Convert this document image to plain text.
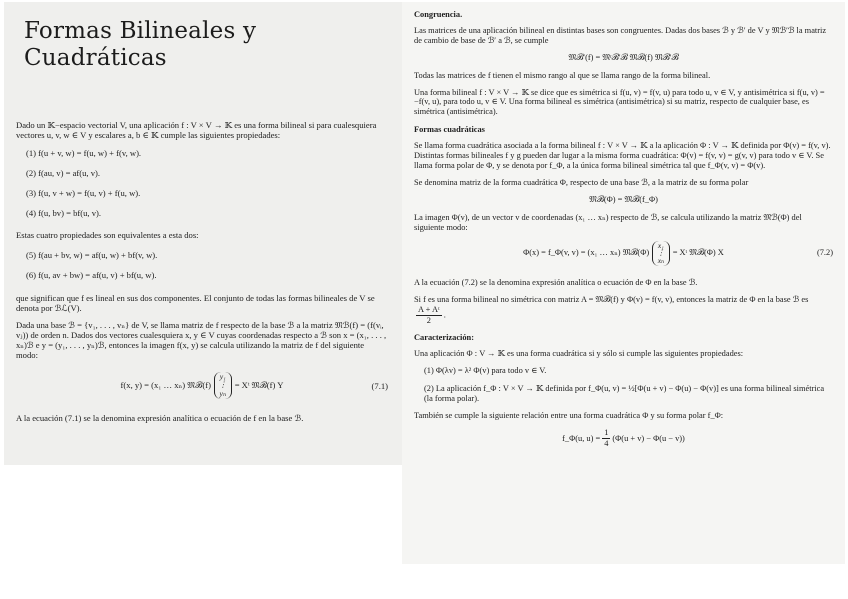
Formas Bilineales y Cuadráticas

Dado un 𝕂−espacio vectorial V, una aplicación f : V × V → 𝕂 es una forma bilineal si para cualesquiera vectores u, v, w ∈ V y escalares a, b ∈ 𝕂 cumple las siguientes propiedades:

(1) f(u + v, w) = f(u, w) + f(v, w).
(2) f(au, v) = af(u, v).
(3) f(u, v + w) = f(u, v) + f(u, w).
(4) f(u, bv) = bf(u, v).

Estas cuatro propiedades son equivalentes a esta dos:

(5) f(au + bv, w) = af(u, w) + bf(v, w).
(6) f(u, av + bw) = af(u, v) + bf(u, w).

que significan que f es lineal en sus dos componentes. El conjunto de todas las formas bilineales de V se denota por ℬℒ(V).

Dada una base ℬ = {v₁, . . . , vₙ} de V, se llama matriz de f respecto de la base ℬ a la matriz 𝔐ℬ(f) = (f(vᵢ, vⱼ)) de orden n. Dados dos vectores cualesquiera x, y ∈ V cuyas coordenadas respecto a ℬ son x = (x₁, . . . , xₙ)ℬ e y = (y₁, . . . , yₙ)ℬ, entonces la imagen f(x, y) se calcula utilizando la matriz de f del siguiente modo:

f(x, y) = (x₁ … xₙ) 𝔐ℬ(f)
y₁
⋮
yₙ
= Xᵗ 𝔐ℬ(f) Y	(7.1)

A la ecuación (7.1) se la denomina expresión analítica o ecuación de f en la base ℬ.

Congruencia.

Las matrices de una aplicación bilineal en distintas bases son congruentes. Dadas dos bases ℬ y ℬ′ de V y 𝔐ℬ′ℬ la matriz de cambio de base de ℬ′ a ℬ, se cumple

𝔐ℬ′(f) = 𝔐ᵗℬ′ℬ 𝔐ℬ(f) 𝔐ℬ′ℬ

Todas las matrices de f tienen el mismo rango al que se llama rango de la forma bilineal.

Una forma bilineal f : V × V → 𝕂 se dice que es simétrica si f(u, v) = f(v, u) para todo u, v ∈ V, y antisimétrica si f(u, v) = −f(v, u), para todo u, v ∈ V. Una forma bilineal es simétrica (antisimétrica) si su matriz, respecto de cualquier base, es simétrica (antisimétrica).

Formas cuadráticas

Se llama forma cuadrática asociada a la forma bilineal f : V × V → 𝕂 a la aplicación Φ : V → 𝕂 definida por Φ(v) = f(v, v). Distintas formas bilineales f y g pueden dar lugar a la misma forma cuadrática: Φ(v) = f(v, v) = g(v, v) para todo v ∈ V. Se llama forma polar de Φ, y se denota por f_Φ, a la única forma bilineal simétrica tal que f_Φ(v, v) = Φ(v).

Se denomina matriz de la forma cuadrática Φ, respecto de una base ℬ, a la matriz de su forma polar

𝔐ℬ(Φ) = 𝔐ℬ(f_Φ)

La imagen Φ(v), de un vector v de coordenadas (x₁ … xₙ) respecto de ℬ, se calcula utilizando la matriz 𝔐ℬ(Φ) del siguiente modo:

Φ(x) = f_Φ(v, v) = (x₁ … xₙ) 𝔐ℬ(Φ)
x₁
⋮
xₙ
= Xᵗ 𝔐ℬ(Φ) X	(7.2)

A la ecuación (7.2) se la denomina expresión analítica o ecuación de Φ en la base ℬ.

Si f es una forma bilineal no simétrica con matriz A = 𝔐ℬ(f) y Φ(v) = f(v, v), entonces la matriz de Φ en la base ℬ es
$\frac{\text{A + Aᵗ}}{2}$ .

Caracterización:

Una aplicación Φ : V → 𝕂 es una forma cuadrática si y sólo si cumple las siguientes propiedades:

(1) Φ(λv) = λ² Φ(v) para todo v ∈ V.
(2) La aplicación f_Φ : V × V → 𝕂 definida por f_Φ(u, v) = ½[Φ(u + v) − Φ(u) − Φ(v)] es una forma bilineal simétrica (la forma polar).

También se cumple la siguiente relación entre una forma cuadrática Φ y su forma polar f_Φ:

f_Φ(u, $u) = \frac{1}{4} (\Phi(u + v) - \Phi(u - v))$
